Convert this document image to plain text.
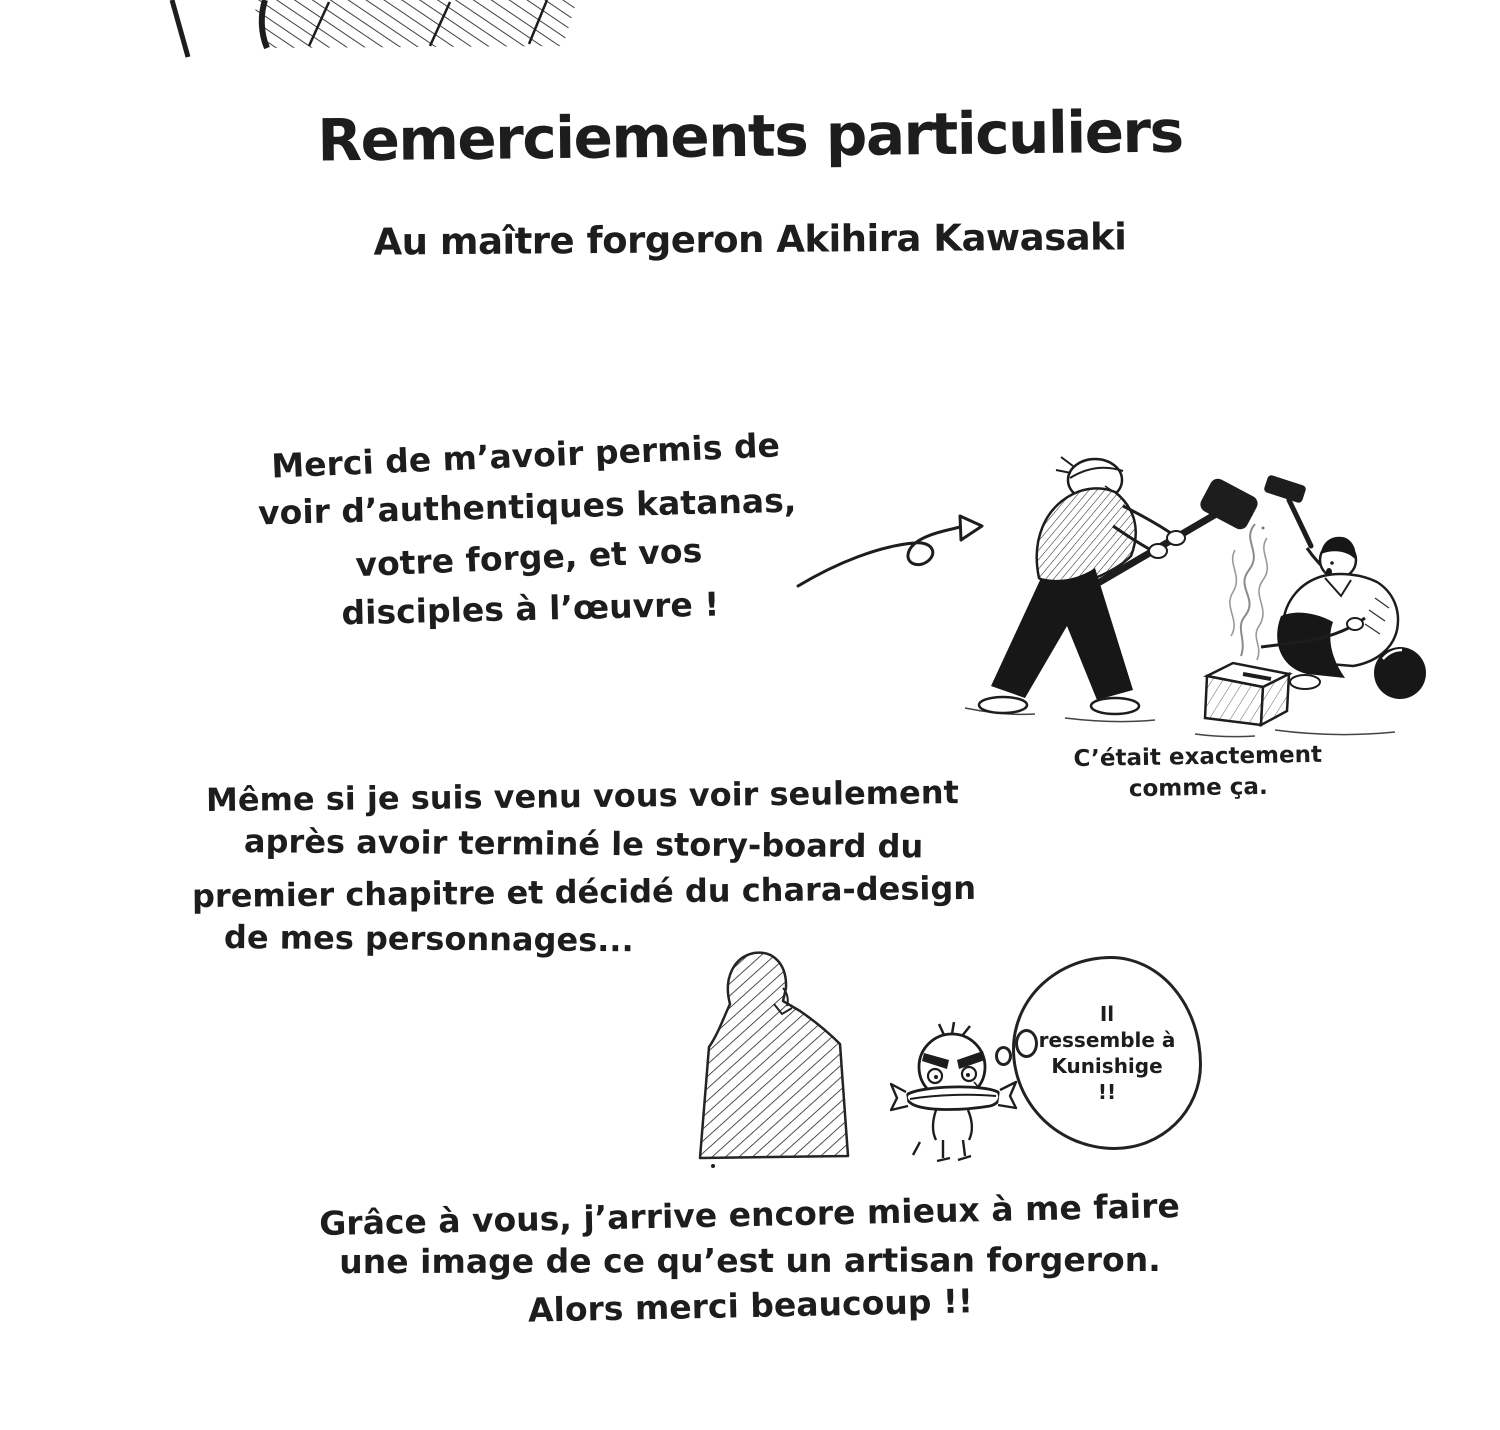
Remerciements particuliers
Au maître forgeron Akihira Kawasaki
Merci de m’avoir permis de
voir d’authentiques katanas,
votre forge, et vos
disciples à l’œuvre !
C’était exactement
comme ça.
Même si je suis venu vous voir seulement
après avoir terminé le story-board du
premier chapitre et décidé du chara-design
de mes personnages...
Il
ressemble à
Kunishige
!!
Grâce à vous, j’arrive encore mieux à me faire
une image de ce qu’est un artisan forgeron.
Alors merci beaucoup !!
